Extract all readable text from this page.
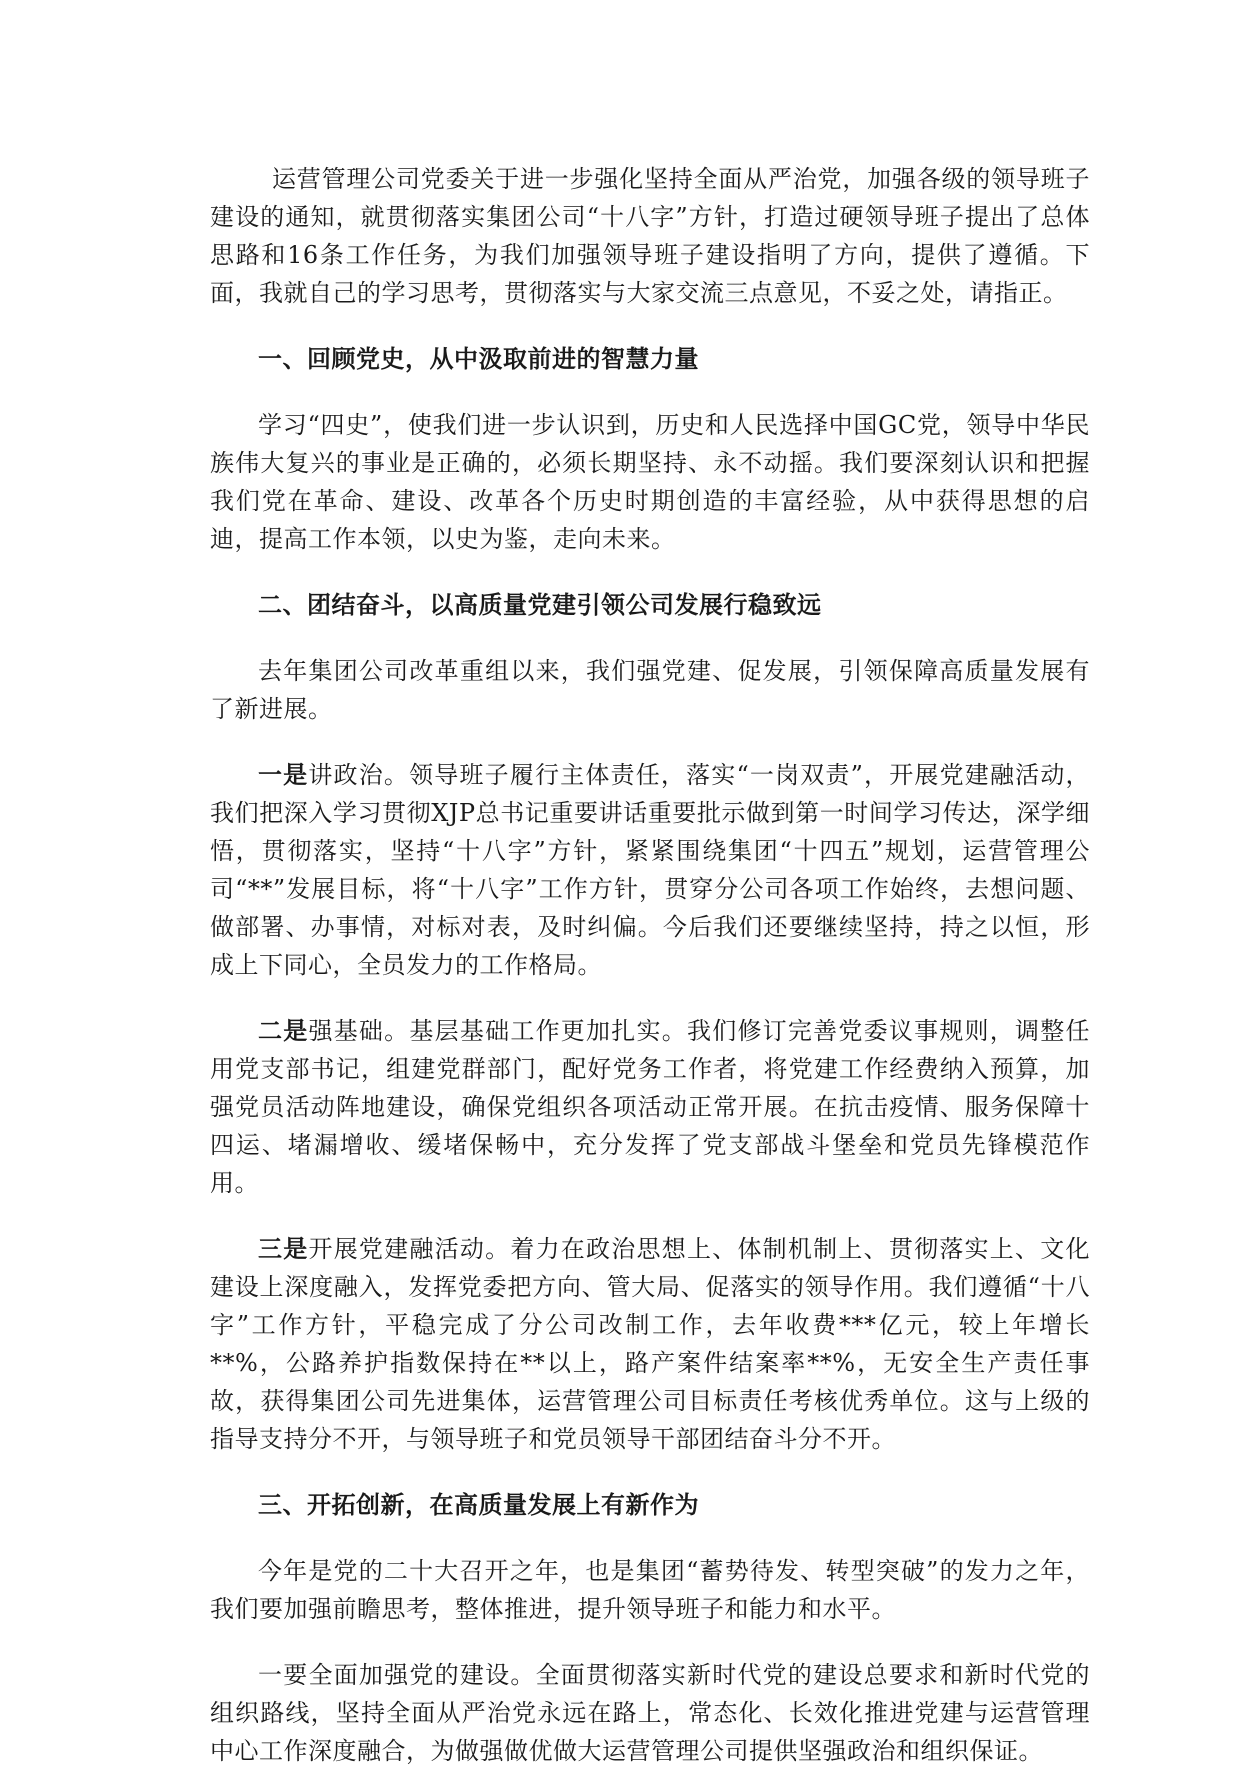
运营管理公司党委关于进一步强化坚持全面从严治党，加强各级的领导班子建设的通知，就贯彻落实集团公司“十八字”方针，打造过硬领导班子提出了总体思路和16条工作任务，为我们加强领导班子建设指明了方向，提供了遵循。下面，我就自己的学习思考，贯彻落实与大家交流三点意见，不妥之处，请指正。

一、回顾党史，从中汲取前进的智慧力量

学习“四史”，使我们进一步认识到，历史和人民选择中国GC党，领导中华民族伟大复兴的事业是正确的，必须长期坚持、永不动摇。我们要深刻认识和把握我们党在革命、建设、改革各个历史时期创造的丰富经验，从中获得思想的启迪，提高工作本领，以史为鉴，走向未来。

二、团结奋斗，以高质量党建引领公司发展行稳致远

去年集团公司改革重组以来，我们强党建、促发展，引领保障高质量发展有了新进展。

一是讲政治。领导班子履行主体责任，落实“一岗双责”，开展党建融活动，我们把深入学习贯彻XJP总书记重要讲话重要批示做到第一时间学习传达，深学细悟，贯彻落实，坚持“十八字”方针，紧紧围绕集团“十四五”规划，运营管理公司“**”发展目标，将“十八字”工作方针，贯穿分公司各项工作始终，去想问题、做部署、办事情，对标对表，及时纠偏。今后我们还要继续坚持，持之以恒，形成上下同心，全员发力的工作格局。

二是强基础。基层基础工作更加扎实。我们修订完善党委议事规则，调整任用党支部书记，组建党群部门，配好党务工作者，将党建工作经费纳入预算，加强党员活动阵地建设，确保党组织各项活动正常开展。在抗击疫情、服务保障十四运、堵漏增收、缓堵保畅中，充分发挥了党支部战斗堡垒和党员先锋模范作用。

三是开展党建融活动。着力在政治思想上、体制机制上、贯彻落实上、文化建设上深度融入，发挥党委把方向、管大局、促落实的领导作用。我们遵循“十八字”工作方针，平稳完成了分公司改制工作，去年收费***亿元，较上年增长**%，公路养护指数保持在**以上，路产案件结案率**%，无安全生产责任事故，获得集团公司先进集体，运营管理公司目标责任考核优秀单位。这与上级的指导支持分不开，与领导班子和党员领导干部团结奋斗分不开。

三、开拓创新，在高质量发展上有新作为

今年是党的二十大召开之年，也是集团“蓄势待发、转型突破”的发力之年，我们要加强前瞻思考，整体推进，提升领导班子和能力和水平。

一要全面加强党的建设。全面贯彻落实新时代党的建设总要求和新时代党的组织路线，坚持全面从严治党永远在路上，常态化、长效化推进党建与运营管理中心工作深度融合，为做强做优做大运营管理公司提供坚强政治和组织保证。
